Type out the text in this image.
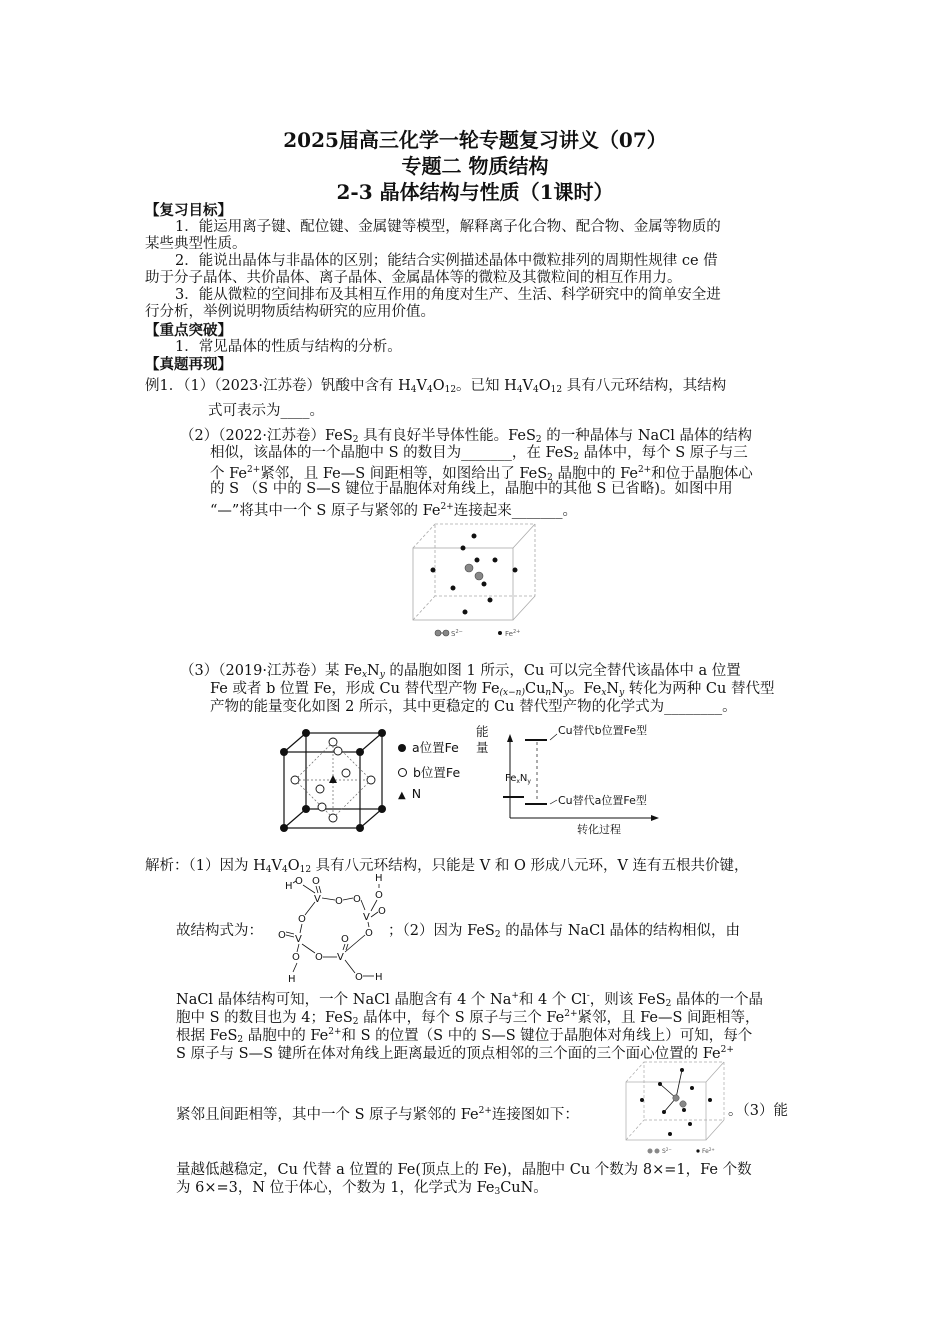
2025届高三化学一轮专题复习讲义（07）
专题二 物质结构
2-3 晶体结构与性质（1课时）
【复习目标】
1．能运用离子键、配位键、金属键等模型，解释离子化合物、配合物、金属等物质的
某些典型性质。
2．能说出晶体与非晶体的区别；能结合实例描述晶体中微粒排列的周期性规律 ce 借
助于分子晶体、共价晶体、离子晶体、金属晶体等的微粒及其微粒间的相互作用力。
3．能从微粒的空间排布及其相互作用的角度对生产、生活、科学研究中的简单安全进
行分析，举例说明物质结构研究的应用价值。
【重点突破】
1．常见晶体的性质与结构的分析。
【真题再现】
例1．（1）（2023·江苏卷）钒酸中含有 $H_4V_4O_{12}$。已知 $H_4V_4O_{12}$ 具有八元环结构，其结构
式可表示为____。
（2）（2022·江苏卷）FeS$_2$ 具有良好半导体性能。FeS$_2$ 的一种晶体与 NaCl 晶体的结构
相似，该晶体的一个晶胞中 S 的数目为_______，在 FeS$_2$ 晶体中，每个 S 原子与三
个 $Fe^{2+}$紧邻，且 Fe—S 间距相等，如图给出了 FeS$_2$ 晶胞中的 $Fe^{2+}$和位于晶胞体心
的 S （S 中的 S—S 键位于晶胞体对角线上，晶胞中的其他 S 已省略)。如图中用
“—”将其中一个 S 原子与紧邻的 $Fe^{2+}$连接起来_______。
$S^{2-}$	$Fe^{2+}$
（3）（2019·江苏卷）某 $Fe_xN_y$ 的晶胞如图 1 所示，Cu 可以完全替代该晶体中 a 位置
Fe 或者 b 位置 Fe，形成 Cu 替代型产物 $Fe_{(x-n)}Cu_nN_y$。$Fe_xN_y$ 转化为两种 Cu 替代型
产物的能量变化如图 2 所示，其中更稳定的 Cu 替代型产物的化学式为________。
a位置Fe
b位置Fe
▲ N
$Fe_xN_y$
Cu替代b位置Fe型
Cu替代a位置Fe型
转化过程
能
量
解析：（1）因为 $H_4V_4O_{12}$ 具有八元环结构，只能是 V 和 O 形成八元环，V 连有五根共价键，
H O O	H
O
V O O
V
O
O
O
O V
O O V
O
O H
H
故结构式为：	；（2）因为 FeS$_2$ 的晶体与 NaCl 晶体的结构相似，由
NaCl 晶体结构可知，一个 NaCl 晶胞含有 4 个 Na+和 4 个 Cl-，则该 FeS$_2$ 晶体的一个晶
胞中 S 的数目也为 4；FeS$_2$ 晶体中，每个 S 原子与三个 $Fe^{2+}$紧邻，且 Fe—S 间距相等，
根据 FeS$_2$ 晶胞中的 $Fe^{2+}$和 S 的位置（S 中的 S—S 键位于晶胞体对角线上）可知，每个
S 原子与 S—S 键所在体对角线上距离最近的顶点相邻的三个面的三个面心位置的 $Fe^{2+}$
$S^{2-}$	$Fe^{2+}$
紧邻且间距相等，其中一个 S 原子与紧邻的 $Fe^{2+}$连接图如下：	。（3）能
量越低越稳定，Cu 代替 a 位置的 Fe(顶点上的 Fe)，晶胞中 Cu 个数为 8×=1，Fe 个数
为 6×=3，N 位于体心，个数为 1，化学式为 $Fe_3CuN$。
